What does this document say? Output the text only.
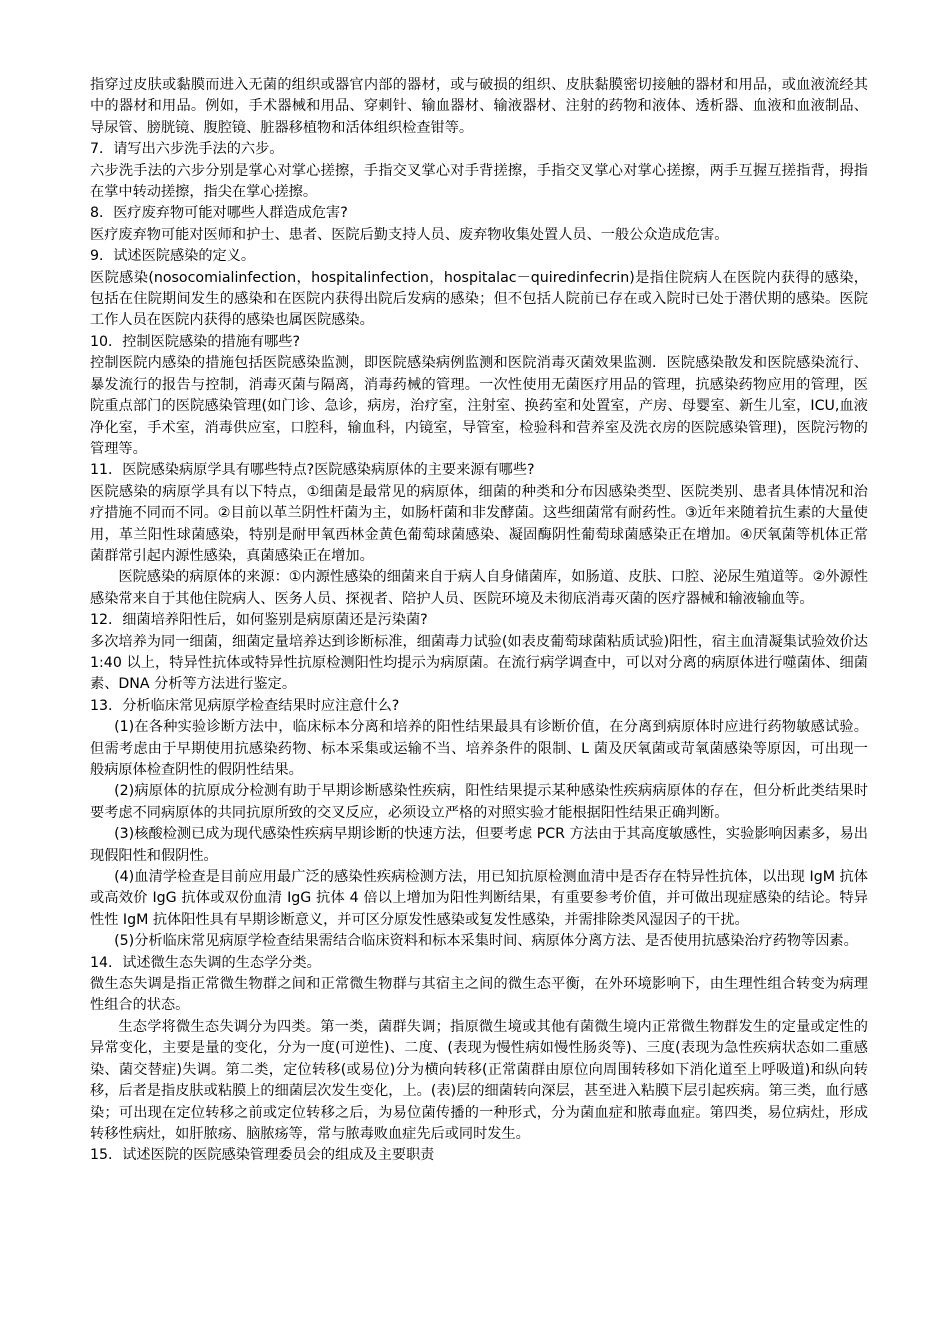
指穿过皮肤或黏膜而进入无菌的组织或器官内部的器材，或与破损的组织、皮肤黏膜密切接触的器材和用品，或血液流经其中的器材和用品。例如，手术器械和用品、穿刺针、输血器材、输液器材、注射的药物和液体、透析器、血液和血液制品、导尿管、膀胱镜、腹腔镜、脏器移植物和活体组织检查钳等。

7．请写出六步洗手法的六步。

六步洗手法的六步分别是掌心对掌心搓擦，手指交叉掌心对手背搓擦，手指交叉掌心对掌心搓擦，两手互握互搓指背，拇指在掌中转动搓擦，指尖在掌心搓擦。

8．医疗废弃物可能对哪些人群造成危害?

医疗废弃物可能对医师和护士、患者、医院后勤支持人员、废弃物收集处置人员、一般公众造成危害。

9．试述医院感染的定义。

医院感染(nosocomialinfection，hospitalinfection，hospitalac－quiredinfecrin)是指住院病人在医院内获得的感染，包括在住院期间发生的感染和在医院内获得出院后发病的感染；但不包括人院前已存在或入院时已处于潜伏期的感染。医院工作人员在医院内获得的感染也属医院感染。

10．控制医院感染的措施有哪些?

控制医院内感染的措施包括医院感染监测，即医院感染病例监测和医院消毒灭菌效果监测．医院感染散发和医院感染流行、暴发流行的报告与控制，消毒灭菌与隔离，消毒药械的管理。一次性使用无菌医疗用品的管理，抗感染药物应用的管理，医院重点部门的医院感染管理(如门诊、急诊，病房，治疗室，注射室、换药室和处置室，产房、母婴室、新生儿室，ICU,血液净化室，手术室，消毒供应室，口腔科，输血科，内镜室，导管室，检验科和营养室及洗衣房的医院感染管理)，医院污物的管理等。

11．医院感染病原学具有哪些特点?医院感染病原体的主要来源有哪些?

医院感染的病原学具有以下特点，①细菌是最常见的病原体，细菌的种类和分布因感染类型、医院类别、患者具体情况和治疗措施不同而不同。②目前以革兰阴性杆菌为主，如肠杆菌和非发酵菌。这些细菌常有耐药性。③近年来随着抗生素的大量使用，革兰阳性球菌感染，特别是耐甲氧西林金黄色葡萄球菌感染、凝固酶阴性葡萄球菌感染正在增加。④厌氧菌等机体正常菌群常引起内源性感染，真菌感染正在增加。

医院感染的病原体的来源：①内源性感染的细菌来自于病人自身储菌库，如肠道、皮肤、口腔、泌尿生殖道等。②外源性感染常来自于其他住院病人、医务人员、探视者、陪护人员、医院环境及未彻底消毒灭菌的医疗器械和输液输血等。

12．细菌培养阳性后，如何鉴别是病原菌还是污染菌?

多次培养为同一细菌，细菌定量培养达到诊断标准，细菌毒力试验(如表皮葡萄球菌粘质试验)阳性，宿主血清凝集试验效价达 1:40 以上，特异性抗体或特异性抗原检测阳性均提示为病原菌。在流行病学调查中，可以对分离的病原体进行噬菌体、细菌素、DNA 分析等方法进行鉴定。

13．分析临床常见病原学检查结果时应注意什么?

(1)在各种实验诊断方法中，临床标本分离和培养的阳性结果最具有诊断价值，在分离到病原体时应进行药物敏感试验。但需考虑由于早期使用抗感染药物、标本采集或运输不当、培养条件的限制、L 菌及厌氧菌或苛氧菌感染等原因，可出现一般病原体检查阴性的假阴性结果。

(2)病原体的抗原成分检测有助于早期诊断感染性疾病，阳性结果提示某种感染性疾病病原体的存在，但分析此类结果时要考虑不同病原体的共同抗原所致的交叉反应，必须设立严格的对照实验才能根据阳性结果正确判断。

(3)核酸检测已成为现代感染性疾病早期诊断的快速方法，但要考虑 PCR 方法由于其高度敏感性，实验影响因素多，易出现假阳性和假阴性。

(4)血清学检查是目前应用最广泛的感染性疾病检测方法，用已知抗原检测血清中是否存在特异性抗体，以出现 IgM 抗体或高效价 IgG 抗体或双份血清 IgG 抗体 4 倍以上增加为阳性判断结果，有重要参考价值，并可做出现症感染的结论。特异性性 IgM 抗体阳性具有早期诊断意义，并可区分原发性感染或复发性感染，并需排除类风湿因子的干扰。

(5)分析临床常见病原学检查结果需结合临床资料和标本采集时间、病原体分离方法、是否使用抗感染治疗药物等因素。

14．试述微生态失调的生态学分类。

微生态失调是指正常微生物群之间和正常微生物群与其宿主之间的微生态平衡，在外环境影响下，由生理性组合转变为病理性组合的状态。

生态学将微生态失调分为四类。第一类，菌群失调；指原微生境或其他有菌微生境内正常微生物群发生的定量或定性的异常变化，主要是量的变化，分为一度(可逆性)、二度、(表现为慢性病如慢性肠炎等)、三度(表现为急性疾病状态如二重感染、菌交替症)失调。第二类，定位转移(或易位)分为横向转移(正常菌群由原位向周围转移如下消化道至上呼吸道)和纵向转移，后者是指皮肤或粘膜上的细菌层次发生变化，上。(表)层的细菌转向深层，甚至进入粘膜下层引起疾病。第三类，血行感染；可出现在定位转移之前或定位转移之后，为易位菌传播的一种形式，分为菌血症和脓毒血症。第四类，易位病灶，形成转移性病灶，如肝脓疡、脑脓疡等，常与脓毒败血症先后或同时发生。

15．试述医院的医院感染管理委员会的组成及主要职责
